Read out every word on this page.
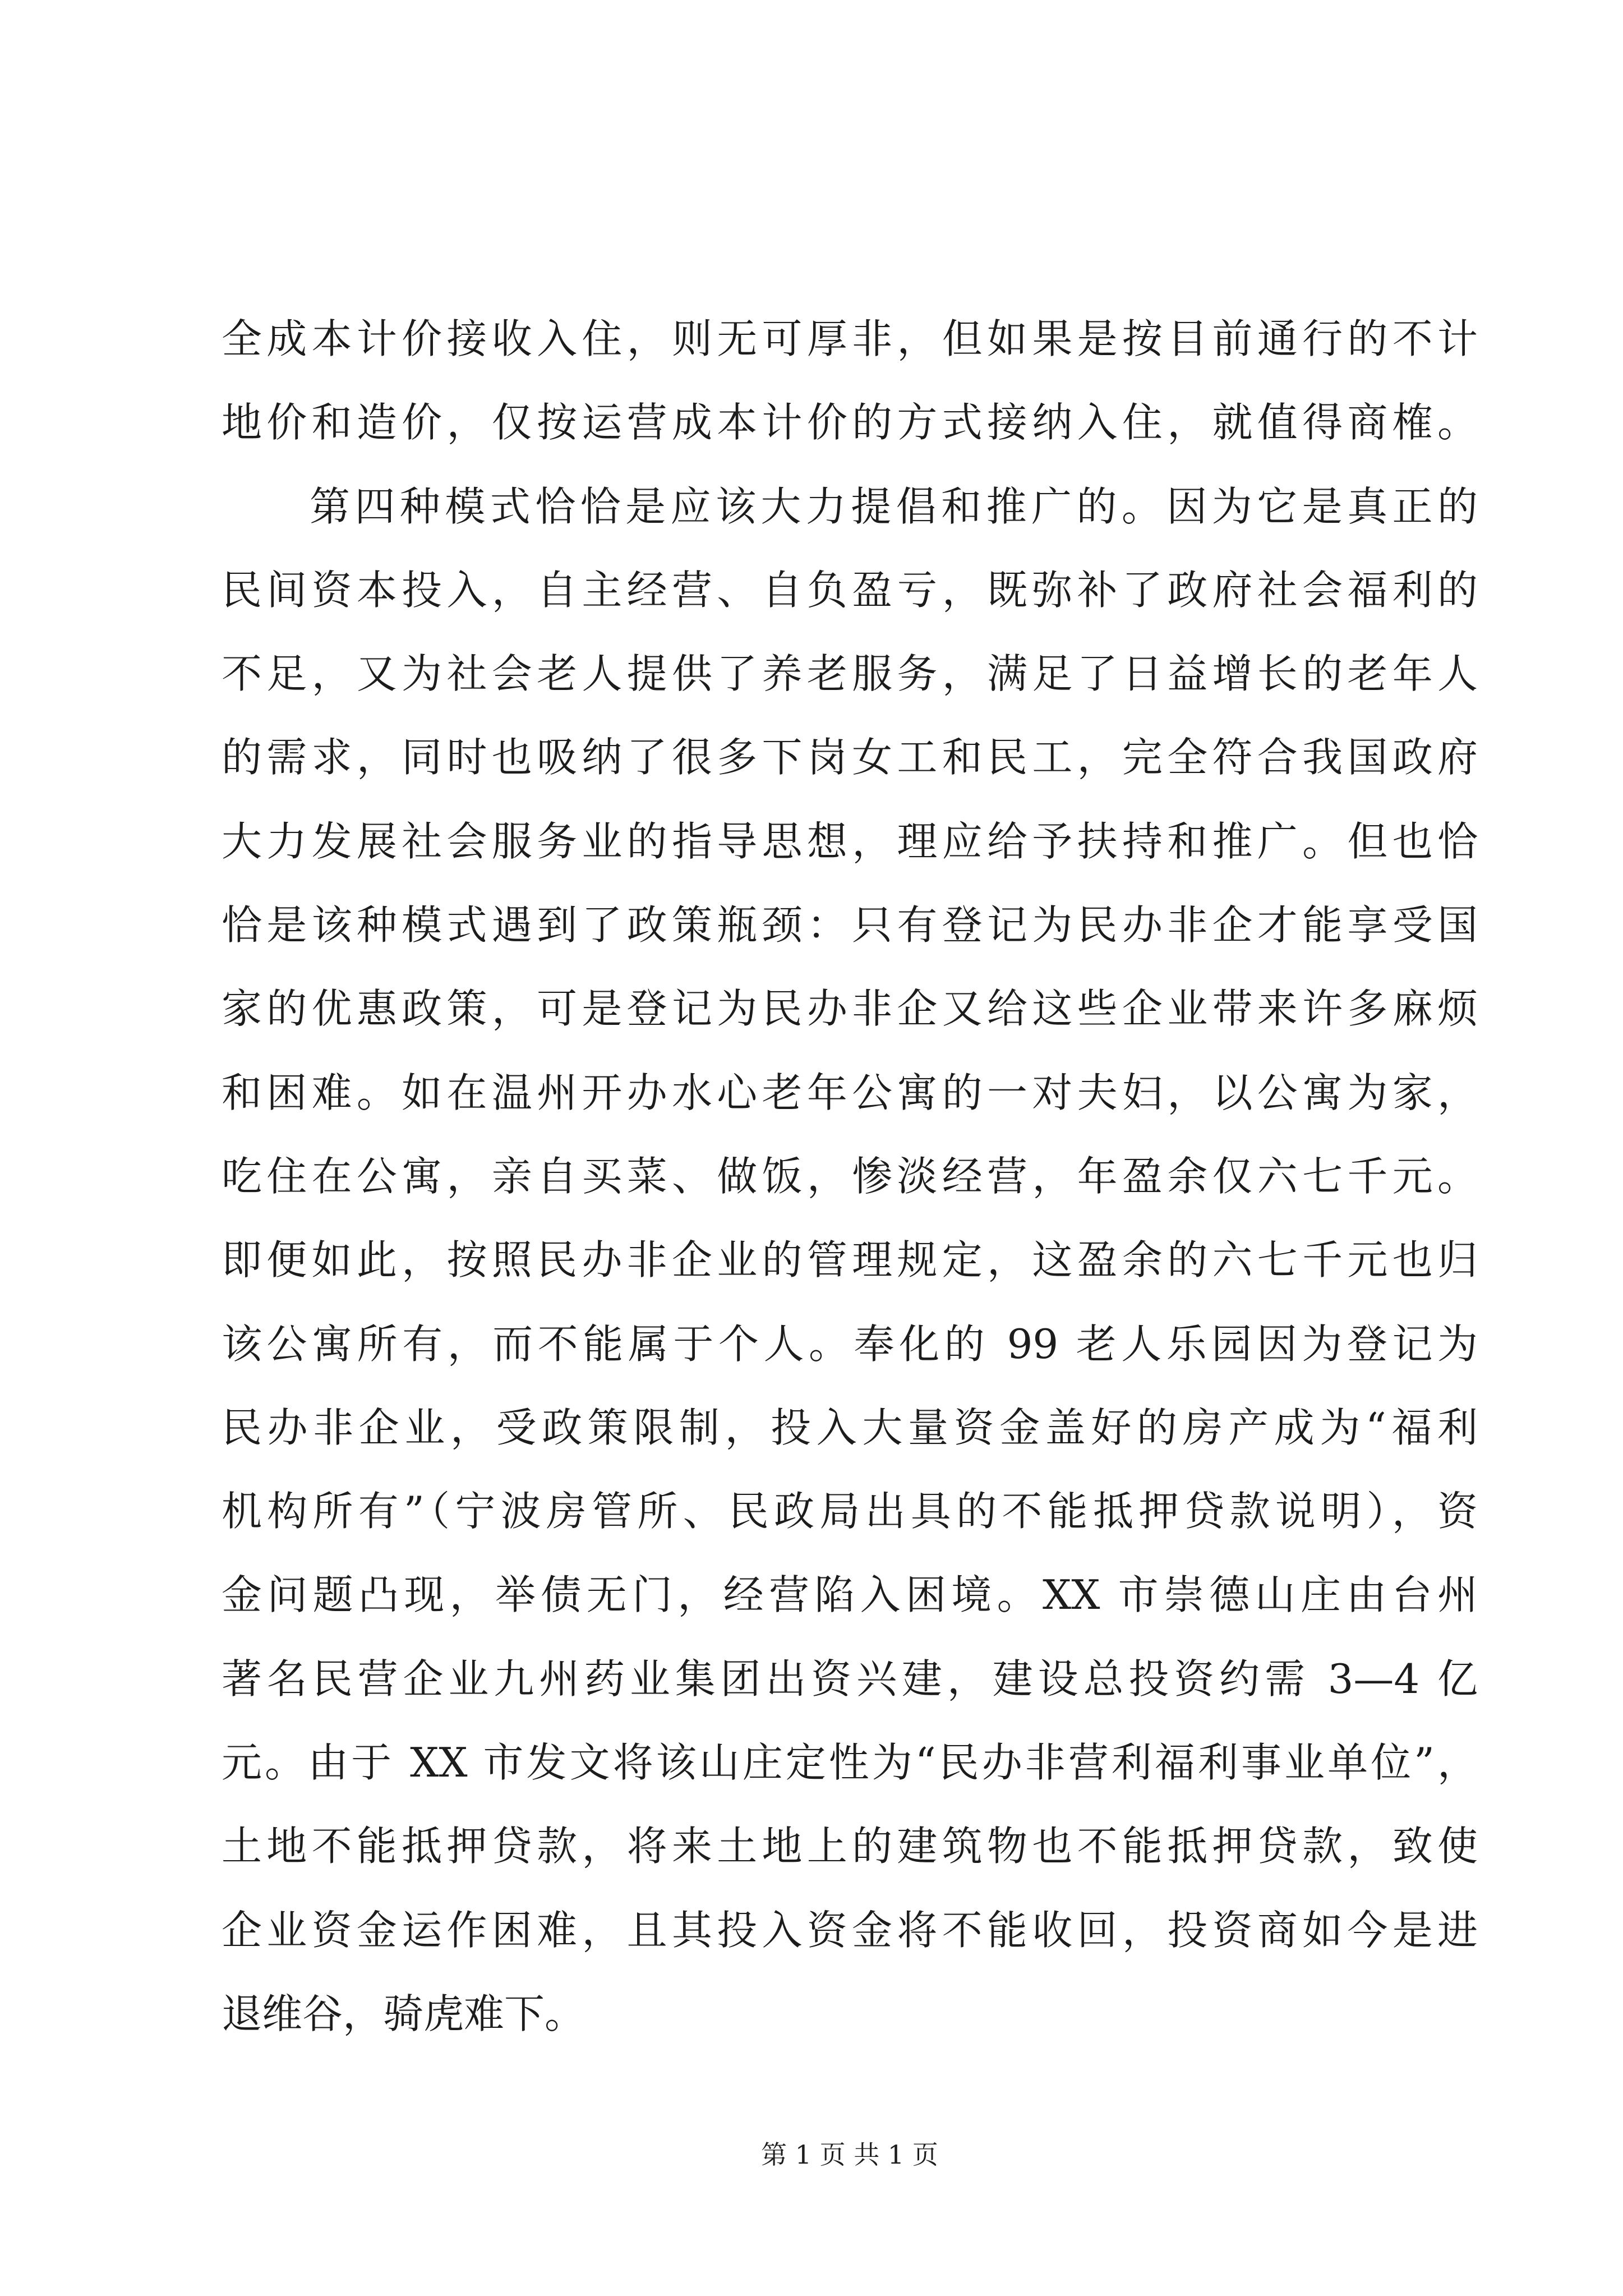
全成本计价接收入住，则无可厚非，但如果是按目前通行的不计
地价和造价，仅按运营成本计价的方式接纳入住，就值得商榷。
第四种模式恰恰是应该大力提倡和推广的。因为它是真正的
民间资本投入，自主经营、自负盈亏，既弥补了政府社会福利的
不足，又为社会老人提供了养老服务，满足了日益增长的老年人
的需求，同时也吸纳了很多下岗女工和民工，完全符合我国政府
大力发展社会服务业的指导思想，理应给予扶持和推广。但也恰
恰是该种模式遇到了政策瓶颈：只有登记为民办非企才能享受国
家的优惠政策，可是登记为民办非企又给这些企业带来许多麻烦
和困难。如在温州开办水心老年公寓的一对夫妇，以公寓为家，
吃住在公寓，亲自买菜、做饭，惨淡经营，年盈余仅六七千元。
即便如此，按照民办非企业的管理规定，这盈余的六七千元也归
该公寓所有，而不能属于个人。奉化的 99 老人乐园因为登记为
民办非企业，受政策限制，投入大量资金盖好的房产成为“福利
机构所有”（宁波房管所、民政局出具的不能抵押贷款说明），资
金问题凸现，举债无门，经营陷入困境。XX 市崇德山庄由台州
著名民营企业九州药业集团出资兴建，建设总投资约需 3—4 亿
元。由于 XX 市发文将该山庄定性为“民办非营利福利事业单位”，
土地不能抵押贷款，将来土地上的建筑物也不能抵押贷款，致使
企业资金运作困难，且其投入资金将不能收回，投资商如今是进
退维谷，骑虎难下。
第 1 页 共 1 页
